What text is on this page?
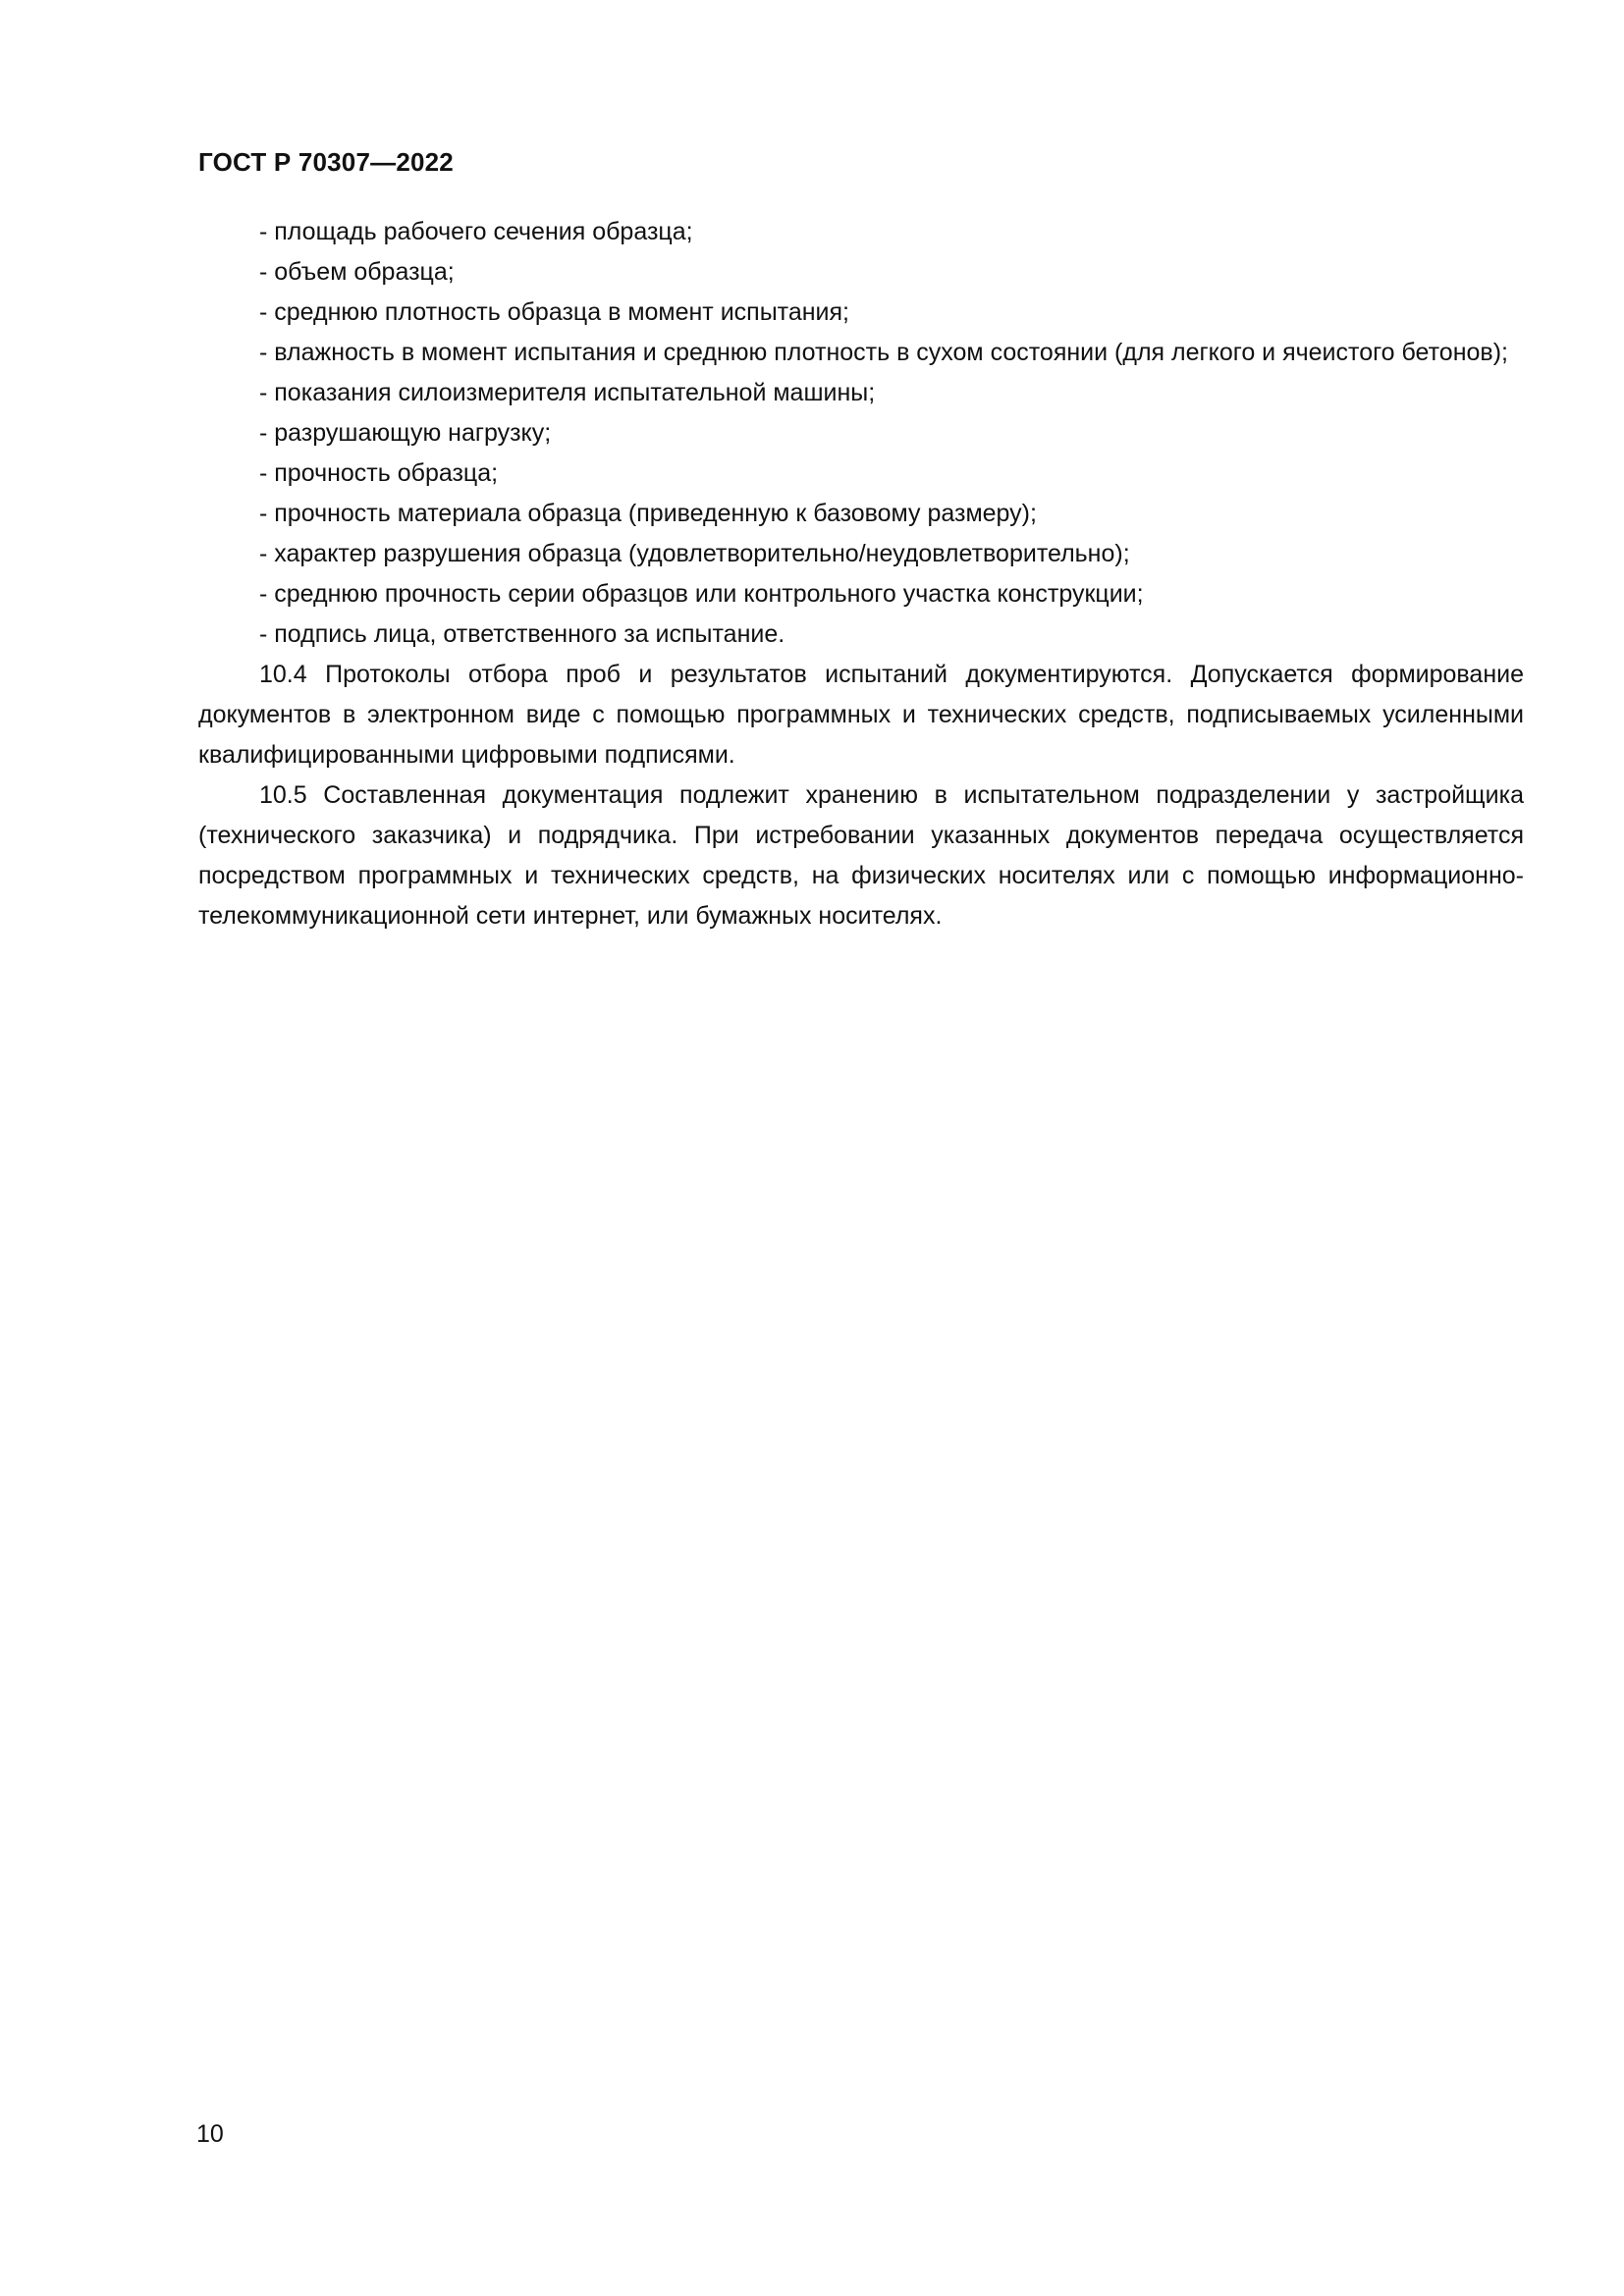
ГОСТ Р 70307—2022

- площадь рабочего сечения образца;

- объем образца;

- среднюю плотность образца в момент испытания;

- влажность в момент испытания и среднюю плотность в сухом состоянии (для легкого и ячеистого бетонов);

- показания силоизмерителя испытательной машины;

- разрушающую нагрузку;

- прочность образца;

- прочность материала образца (приведенную к базовому размеру);

- характер разрушения образца (удовлетворительно/неудовлетворительно);

- среднюю прочность серии образцов или контрольного участка конструкции;

- подпись лица, ответственного за испытание.

10.4 Протоколы отбора проб и результатов испытаний документируются. Допускается формирование документов в электронном виде с помощью программных и технических средств, подписываемых усиленными квалифицированными цифровыми подписями.

10.5 Составленная документация подлежит хранению в испытательном подразделении у застройщика (технического заказчика) и подрядчика. При истребовании указанных документов передача осуществляется посредством программных и технических средств, на физических носителях или с помощью информационно-телекоммуникационной сети интернет, или бумажных носителях.

10
